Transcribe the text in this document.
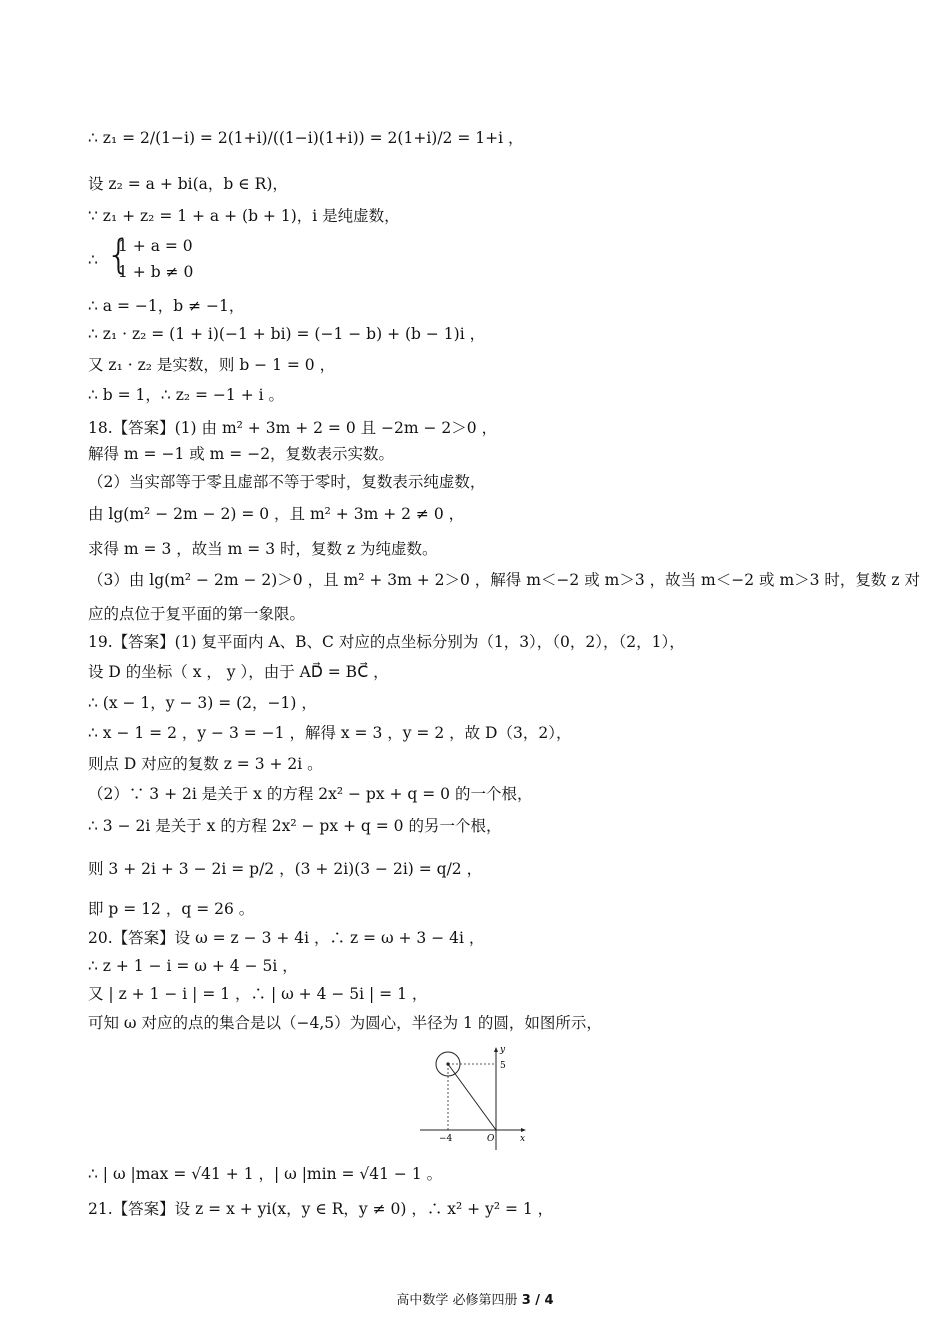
∴ z₁ = 2/(1−i) = 2(1+i)/((1−i)(1+i)) = 2(1+i)/2 = 1+i ，
设 z₂ = a + bi(a，b ∈ R)，
∵ z₁ + z₂ = 1 + a + (b + 1)，i 是纯虚数，
∴ {
1 + a = 0
1 + b ≠ 0
∴ a = −1，b ≠ −1，
∴ z₁ · z₂ = (1 + i)(−1 + bi) = (−1 − b) + (b − 1)i ，
又 z₁ · z₂ 是实数，则 b − 1 = 0 ，
∴ b = 1，∴ z₂ = −1 + i 。
18.【答案】(1) 由 m² + 3m + 2 = 0 且 −2m − 2＞0 ，
解得 m = −1 或 m = −2，复数表示实数。
（2）当实部等于零且虚部不等于零时，复数表示纯虚数，
由 lg(m² − 2m − 2) = 0 ，且 m² + 3m + 2 ≠ 0 ，
求得 m = 3 ，故当 m = 3 时，复数 z 为纯虚数。
（3）由 lg(m² − 2m − 2)＞0 ，且 m² + 3m + 2＞0 ，解得 m＜−2 或 m＞3 ，故当 m＜−2 或 m＞3 时，复数 z 对
应的点位于复平面的第一象限。
19.【答案】(1) 复平面内 A、B、C 对应的点坐标分别为（1，3），（0，2），（2，1），
设 D 的坐标（ x ， y ），由于 AD⃗ = BC⃗ ，
∴ (x − 1，y − 3) = (2，−1) ，
∴ x − 1 = 2 ，y − 3 = −1 ，解得 x = 3 ，y = 2 ，故 D（3，2），
则点 D 对应的复数 z = 3 + 2i 。
（2）∵ 3 + 2i 是关于 x 的方程 2x² − px + q = 0 的一个根，
∴ 3 − 2i 是关于 x 的方程 2x² − px + q = 0 的另一个根，
则 3 + 2i + 3 − 2i = p/2 ，(3 + 2i)(3 − 2i) = q/2 ，
即 p = 12 ，q = 26 。
20.【答案】设 ω = z − 3 + 4i ，∴ z = ω + 3 − 4i ，
∴ z + 1 − i = ω + 4 − 5i ，
又 | z + 1 − i | = 1 ，∴ | ω + 4 − 5i | = 1 ，
可知 ω 对应的点的集合是以（−4,5）为圆心，半径为 1 的圆，如图所示，
y
x
5
−4	O
∴ | ω |max = √41 + 1 ，| ω |min = √41 − 1 。
21.【答案】设 z = x + yi(x，y ∈ R，y ≠ 0) ，∴ x² + y² = 1 ，
高中数学 必修第四册 3 / 4
